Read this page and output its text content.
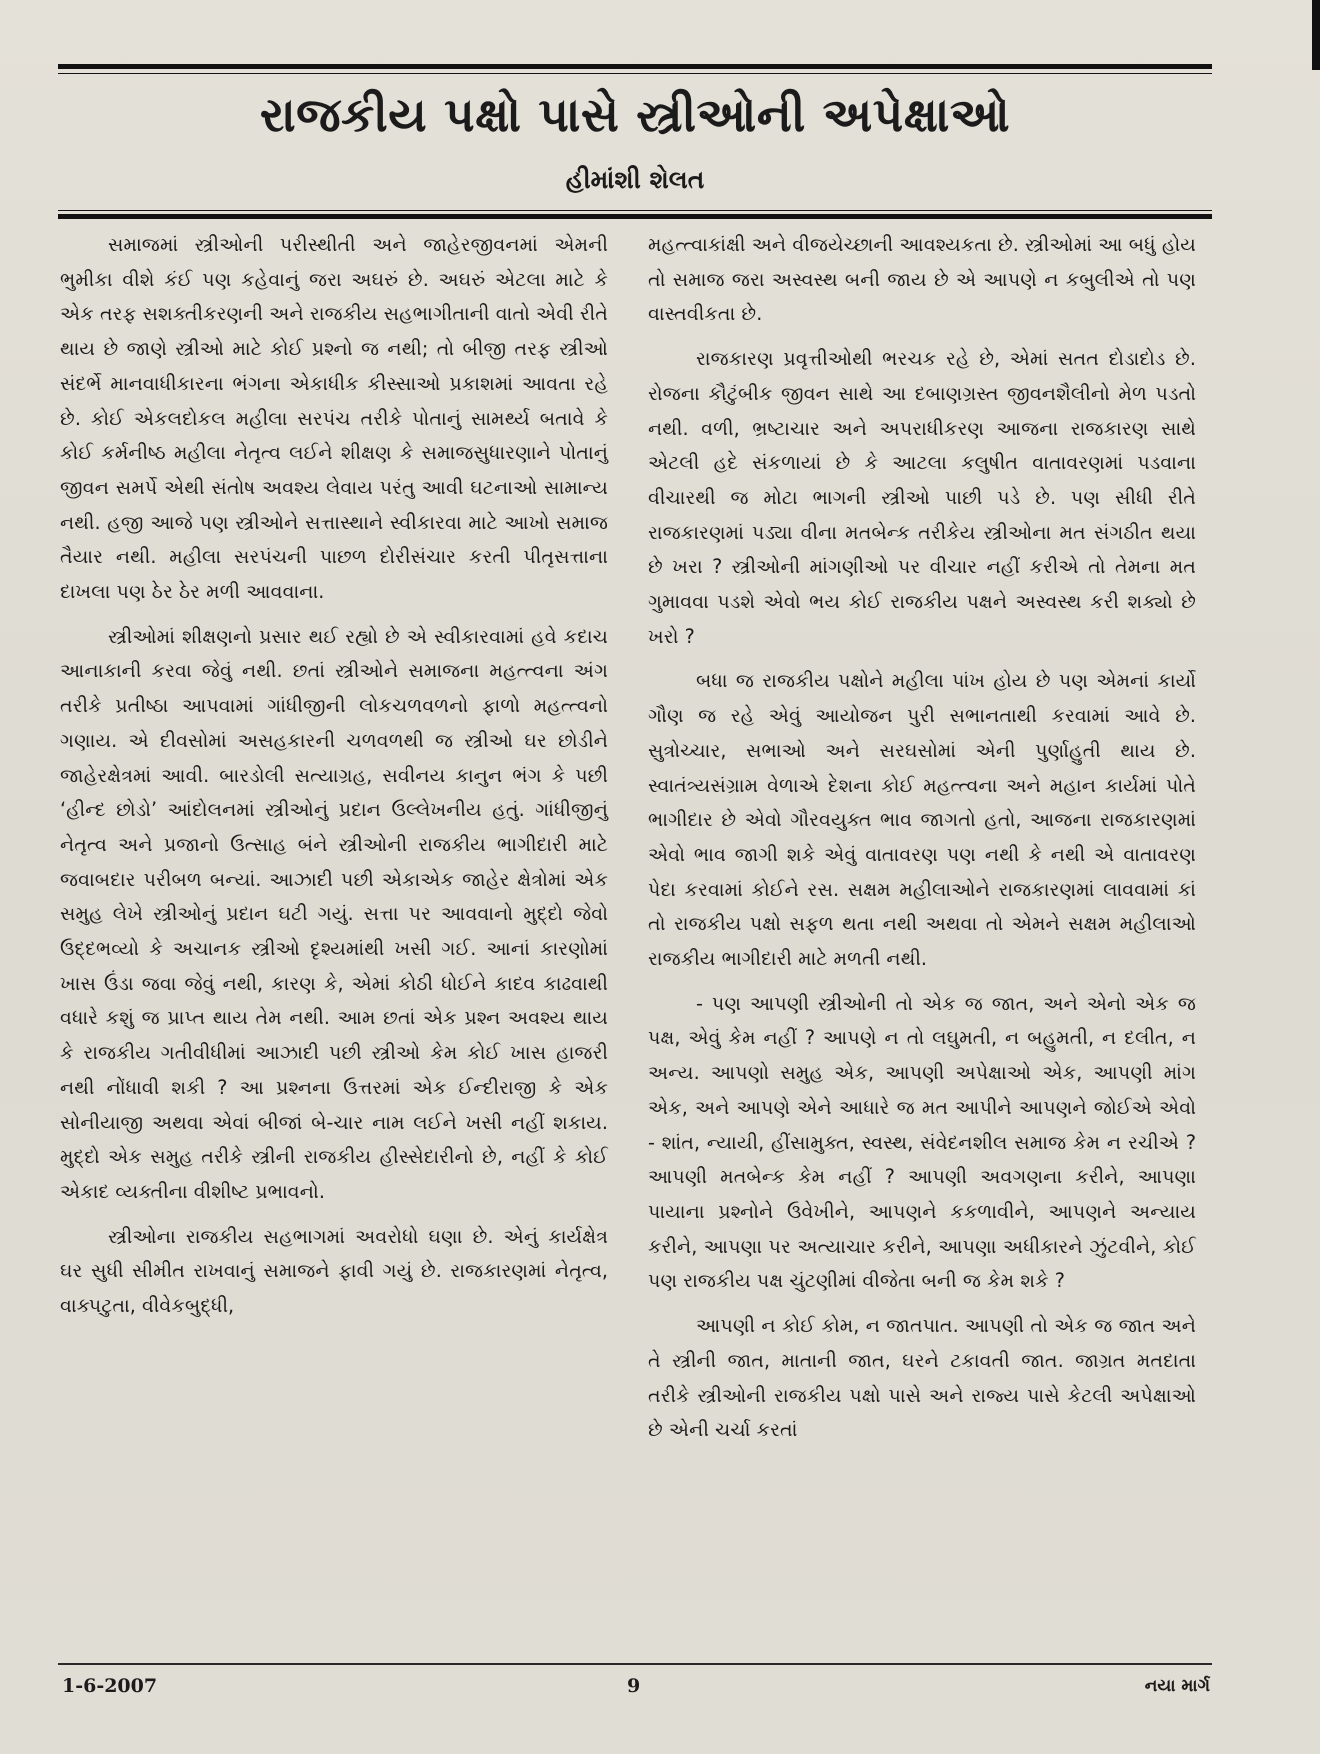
રાજકીય પક્ષો પાસે સ્ત્રીઓની અપેક્ષાઓ
હીમાંશી શેલત

સમાજમાં સ્ત્રીઓની પરીસ્થીતી અને જાહેરજીવનમાં એમની ભુમીકા વીશે કંઈ પણ કહેવાનું જરા અઘરું છે. અઘરું એટલા માટે કે એક તરફ સશક્તીકરણની અને રાજકીય સહભાગીતાની વાતો એવી રીતે થાય છે જાણે સ્ત્રીઓ માટે કોઈ પ્રશ્નો જ નથી; તો બીજી તરફ સ્ત્રીઓ સંદર્ભે માનવાધીકારના ભંગના એકાધીક કીસ્સાઓ પ્રકાશમાં આવતા રહે છે. કોઈ એકલદોકલ મહીલા સરપંચ તરીકે પોતાનું સામર્થ્ય બતાવે કે કોઈ કર્મનીષ્ઠ મહીલા નેતૃત્વ લઈને શીક્ષણ કે સમાજસુધારણાને પોતાનું જીવન સમર્પે એથી સંતોષ અવશ્ય લેવાય પરંતુ આવી ઘટનાઓ સામાન્ય નથી. હજી આજે પણ સ્ત્રીઓને સત્તાસ્થાને સ્વીકારવા માટે આખો સમાજ તૈયાર નથી. મહીલા સરપંચની પાછળ દોરીસંચાર કરતી પીતૃસત્તાના દાખલા પણ ઠેર ઠેર મળી આવવાના.

સ્ત્રીઓમાં શીક્ષણનો પ્રસાર થઈ રહ્યો છે એ સ્વીકારવામાં હવે કદાચ આનાકાની કરવા જેવું નથી. છતાં સ્ત્રીઓને સમાજના મહત્ત્વના અંગ તરીકે પ્રતીષ્ઠા આપવામાં ગાંધીજીની લોકચળવળનો ફાળો મહત્ત્વનો ગણાય. એ દીવસોમાં અસહકારની ચળવળથી જ સ્ત્રીઓ ઘર છોડીને જાહેરક્ષેત્રમાં આવી. બારડોલી સત્યાગ્રહ, સવીનય કાનુન ભંગ કે પછી ‘હીન્દ છોડો’ આંદોલનમાં સ્ત્રીઓનું પ્રદાન ઉલ્લેખનીય હતું. ગાંધીજીનું નેતૃત્વ અને પ્રજાનો ઉત્સાહ બંને સ્ત્રીઓની રાજકીય ભાગીદારી માટે જવાબદાર પરીબળ બન્યાં. આઝાદી પછી એકાએક જાહેર ક્ષેત્રોમાં એક સમુહ લેખે સ્ત્રીઓનું પ્રદાન ઘટી ગયું. સત્તા પર આવવાનો મુદ્દો જેવો ઉદ્દભવ્યો કે અચાનક સ્ત્રીઓ દૃશ્યમાંથી ખસી ગઈ. આનાં કારણોમાં ખાસ ઉંડા જવા જેવું નથી, કારણ કે, એમાં કોઠી ધોઈને કાદવ કાઢવાથી વધારે કશું જ પ્રાપ્ત થાય તેમ નથી. આમ છતાં એક પ્રશ્ન અવશ્ય થાય કે રાજકીય ગતીવીધીમાં આઝાદી પછી સ્ત્રીઓ કેમ કોઈ ખાસ હાજરી નથી નોંધાવી શકી ? આ પ્રશ્નના ઉત્તરમાં એક ઈન્દીરાજી કે એક સોનીયાજી અથવા એવાં બીજાં બે-ચાર નામ લઈને ખસી નહીં શકાય. મુદ્દો એક સમુહ તરીકે સ્ત્રીની રાજકીય હીસ્સેદારીનો છે, નહીં કે કોઈ એકાદ વ્યક્તીના વીશીષ્ટ પ્રભાવનો.

સ્ત્રીઓના રાજકીય સહભાગમાં અવરોધો ઘણા છે. એનું કાર્યક્ષેત્ર ઘર સુધી સીમીત રાખવાનું સમાજને ફાવી ગયું છે. રાજકારણમાં નેતૃત્વ, વાક્પટુતા, વીવેકબુદ્ધી,

મહત્ત્વાકાંક્ષી અને વીજયેચ્છાની આવશ્યકતા છે. સ્ત્રીઓમાં આ બધું હોય તો સમાજ જરા અસ્વસ્થ બની જાય છે એ આપણે ન કબુલીએ તો પણ વાસ્તવીકતા છે.

રાજકારણ પ્રવૃત્તીઓથી ભરચક રહે છે, એમાં સતત દોડાદોડ છે. રોજના કૌટુંબીક જીવન સાથે આ દબાણગ્રસ્ત જીવનશૈલીનો મેળ પડતો નથી. વળી, ભ્રષ્ટાચાર અને અપરાધીકરણ આજના રાજકારણ સાથે એટલી હદે સંકળાયાં છે કે આટલા કલુષીત વાતાવરણમાં પડવાના વીચારથી જ મોટા ભાગની સ્ત્રીઓ પાછી પડે છે. પણ સીધી રીતે રાજકારણમાં પડ્યા વીના મતબેન્ક તરીકેય સ્ત્રીઓના મત સંગઠીત થયા છે ખરા ? સ્ત્રીઓની માંગણીઓ પર વીચાર નહીં કરીએ તો તેમના મત ગુમાવવા પડશે એવો ભય કોઈ રાજકીય પક્ષને અસ્વસ્થ કરી શક્યો છે ખરો ?

બધા જ રાજકીય પક્ષોને મહીલા પાંખ હોય છે પણ એમનાં કાર્યો ગૌણ જ રહે એવું આયોજન પુરી સભાનતાથી કરવામાં આવે છે. સુત્રોચ્ચાર, સભાઓ અને સરઘસોમાં એની પુર્ણાહુતી થાય છે. સ્વાતંત્ર્યસંગ્રામ વેળાએ દેશના કોઈ મહત્ત્વના અને મહાન કાર્યમાં પોતે ભાગીદાર છે એવો ગૌરવયુક્ત ભાવ જાગતો હતો, આજના રાજકારણમાં એવો ભાવ જાગી શકે એવું વાતાવરણ પણ નથી કે નથી એ વાતાવરણ પેદા કરવામાં કોઈને રસ. સક્ષમ મહીલાઓને રાજકારણમાં લાવવામાં કાં તો રાજકીય પક્ષો સફળ થતા નથી અથવા તો એમને સક્ષમ મહીલાઓ રાજકીય ભાગીદારી માટે મળતી નથી.

- પણ આપણી સ્ત્રીઓની તો એક જ જાત, અને એનો એક જ પક્ષ, એવું કેમ નહીં ? આપણે ન તો લઘુમતી, ન બહુમતી, ન દલીત, ન અન્ય. આપણો સમુહ એક, આપણી અપેક્ષાઓ એક, આપણી માંગ એક, અને આપણે એને આધારે જ મત આપીને આપણને જોઈએ એવો - શાંત, ન્યાયી, હીંસામુક્ત, સ્વસ્થ, સંવેદનશીલ સમાજ કેમ ન રચીએ ? આપણી મતબેન્ક કેમ નહીં ? આપણી અવગણના કરીને, આપણા પાયાના પ્રશ્નોને ઉવેખીને, આપણને કકળાવીને, આપણને અન્યાય કરીને, આપણા પર અત્યાચાર કરીને, આપણા અધીકારને ઝુંટવીને, કોઈ પણ રાજકીય પક્ષ ચુંટણીમાં વીજેતા બની જ કેમ શકે ?

આપણી ન કોઈ કોમ, ન જાતપાત. આપણી તો એક જ જાત અને તે સ્ત્રીની જાત, માતાની જાત, ઘરને ટકાવતી જાત. જાગ્રત મતદાતા તરીકે સ્ત્રીઓની રાજકીય પક્ષો પાસે અને રાજ્ય પાસે કેટલી અપેક્ષાઓ છે એની ચર્ચા કરતાં

1-6-2007	9	નયા માર્ગ
